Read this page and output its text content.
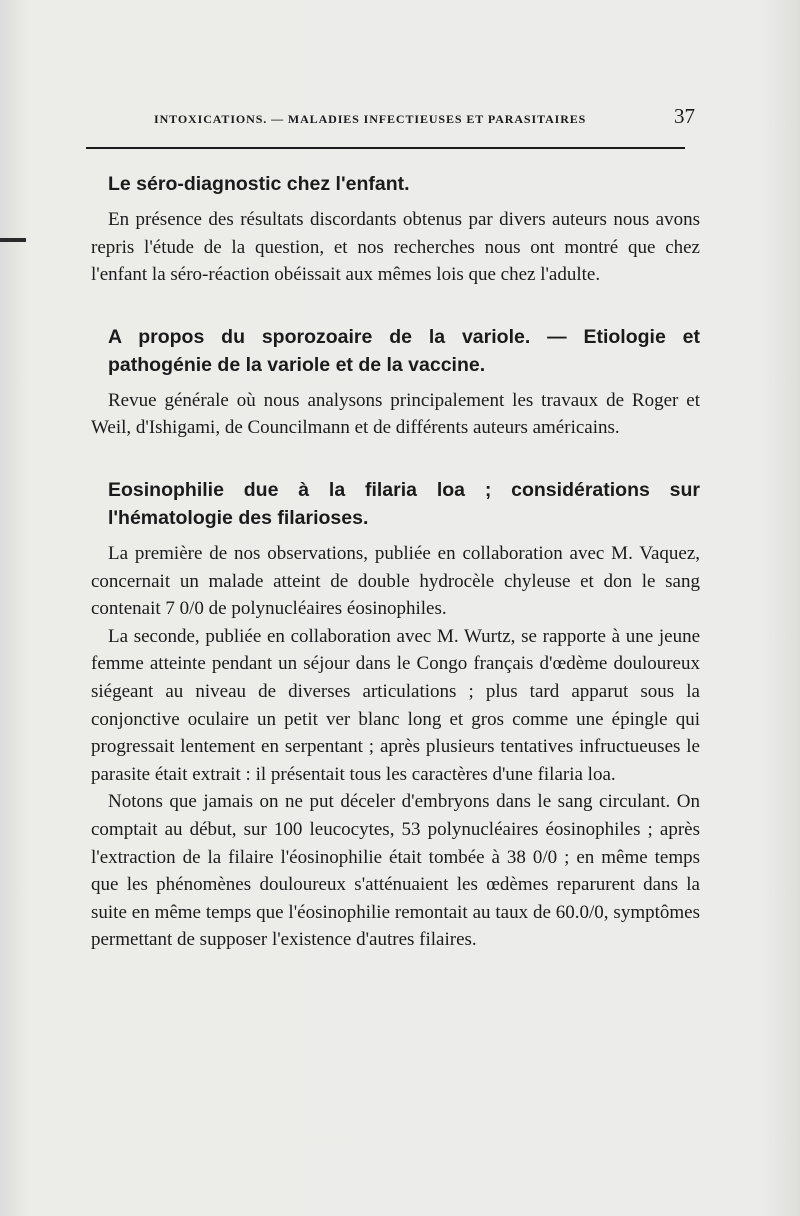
INTOXICATIONS. — MALADIES INFECTIEUSES ET PARASITAIRES	37
Le séro-diagnostic chez l'enfant.

En présence des résultats discordants obtenus par divers auteurs nous avons repris l'étude de la question, et nos recherches nous ont montré que chez l'enfant la séro-réaction obéissait aux mêmes lois que chez l'adulte.

A propos du sporozoaire de la variole. — Etiologie et pathogénie de la variole et de la vaccine.

Revue générale où nous analysons principalement les travaux de Roger et Weil, d'Ishigami, de Councilmann et de différents auteurs américains.

Eosinophilie due à la filaria loa ; considérations sur l'hématologie des filarioses.

La première de nos observations, publiée en collaboration avec M. Vaquez, concernait un malade atteint de double hydrocèle chyleuse et don le sang contenait 7 0/0 de polynucléaires éosinophiles.

La seconde, publiée en collaboration avec M. Wurtz, se rapporte à une jeune femme atteinte pendant un séjour dans le Congo français d'œdème douloureux siégeant au niveau de diverses articulations ; plus tard apparut sous la conjonctive oculaire un petit ver blanc long et gros comme une épingle qui progressait lentement en serpentant ; après plusieurs tentatives infructueuses le parasite était extrait : il présentait tous les caractères d'une filaria loa.

Notons que jamais on ne put déceler d'embryons dans le sang circulant. On comptait au début, sur 100 leucocytes, 53 polynucléaires éosinophiles ; après l'extraction de la filaire l'éosinophilie était tombée à 38 0/0 ; en même temps que les phénomènes douloureux s'atténuaient les œdèmes reparurent dans la suite en même temps que l'éosinophilie remontait au taux de 60.0/0, symptômes permettant de supposer l'existence d'autres filaires.
